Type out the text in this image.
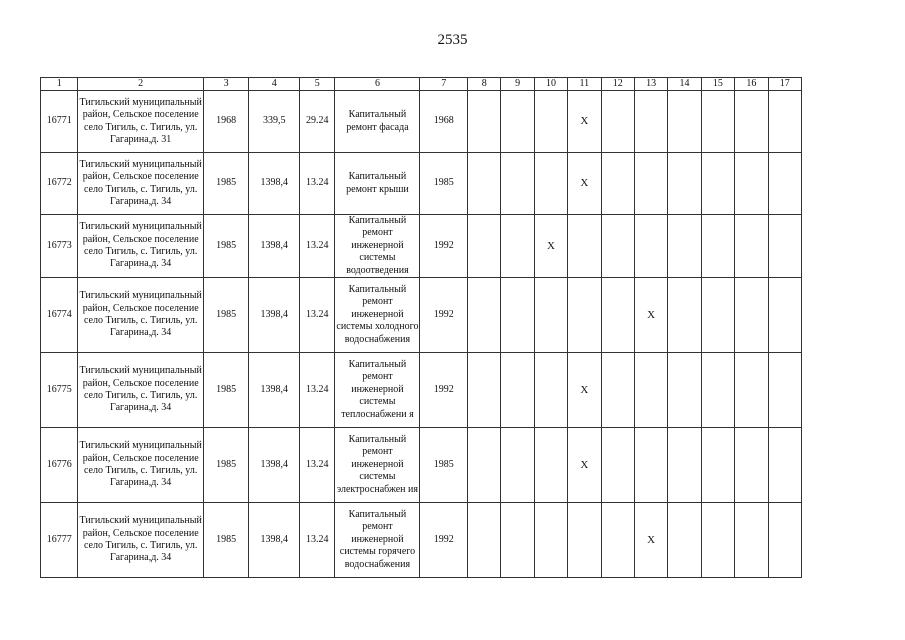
2535
1	2	3	4	5	6	7	8	9	10	11	12	13	14	15	16	17
16771	Тигильский муниципальный район, Сельское поселение село Тигиль, с. Тигиль, ул. Гагарина,д. 31	1968	339,5	29.24	Капитальный ремонт фасада	1968				X						
16772	Тигильский муниципальный район, Сельское поселение село Тигиль, с. Тигиль, ул. Гагарина,д. 34	1985	1398,4	13.24	Капитальный ремонт крыши	1985				X						
16773	Тигильский муниципальный район, Сельское поселение село Тигиль, с. Тигиль, ул. Гагарина,д. 34	1985	1398,4	13.24	Капитальный ремонт инженерной системы водоотведения	1992			X							
16774	Тигильский муниципальный район, Сельское поселение село Тигиль, с. Тигиль, ул. Гагарина,д. 34	1985	1398,4	13.24	Капитальный ремонт инженерной системы холодного водоснабжения	1992						X				
16775	Тигильский муниципальный район, Сельское поселение село Тигиль, с. Тигиль, ул. Гагарина,д. 34	1985	1398,4	13.24	Капитальный ремонт инженерной системы теплоснабжени я	1992				X						
16776	Тигильский муниципальный район, Сельское поселение село Тигиль, с. Тигиль, ул. Гагарина,д. 34	1985	1398,4	13.24	Капитальный ремонт инженерной системы электроснабжен ия	1985				X						
16777	Тигильский муниципальный район, Сельское поселение село Тигиль, с. Тигиль, ул. Гагарина,д. 34	1985	1398,4	13.24	Капитальный ремонт инженерной системы горячего водоснабжения	1992						X				
